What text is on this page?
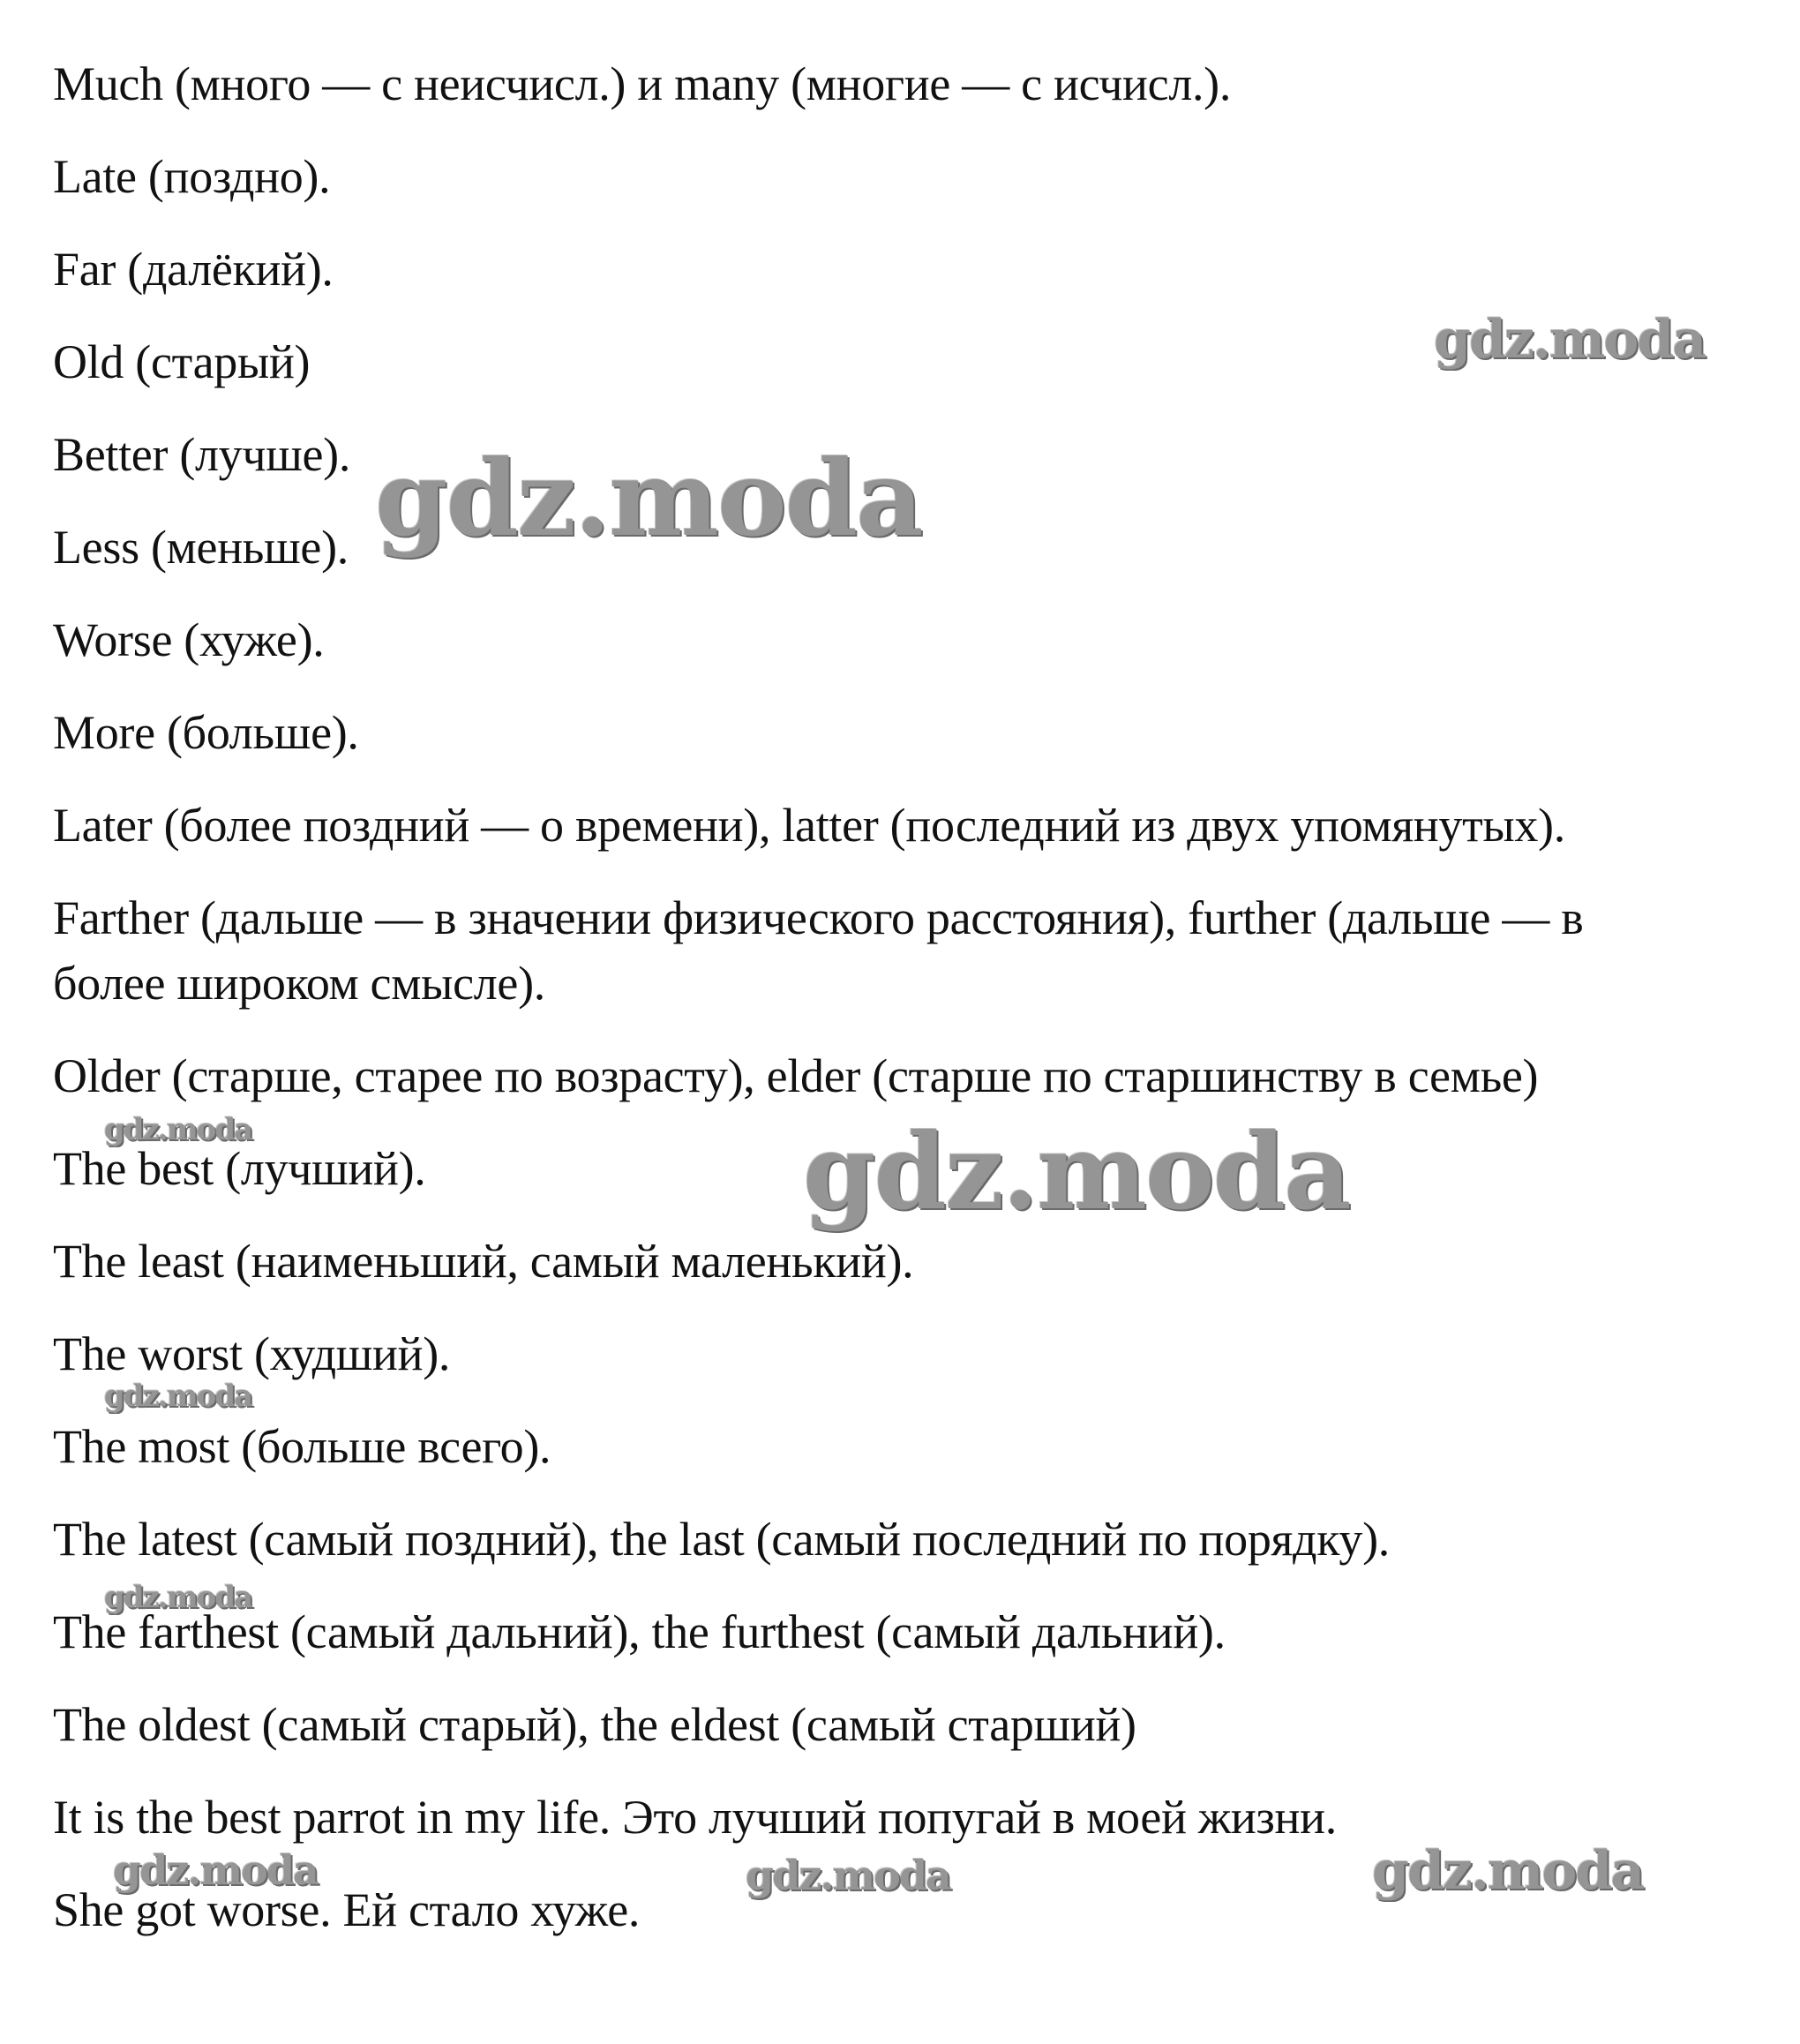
Much (много — с неисчисл.) и many (многие — с исчисл.).
Late (поздно).
Far (далёкий).
Old (старый)
Better (лучше).
Less (меньше).
Worse (хуже).
More (больше).
Later (более поздний — о времени), latter (последний из двух упомянутых).
Farther (дальше — в значении физического расстояния), further (дальше — в
более широком смысле).
Older (старше, старее по возрасту), elder (старше по старшинству в семье)
The best (лучший).
The least (наименьший, самый маленький).
The worst (худший).
The most (больше всего).
The latest (самый поздний), the last (самый последний по порядку).
The farthest (самый дальний), the furthest (самый дальний).
The oldest (самый старый), the eldest (самый старший)
It is the best parrot in my life. Это лучший попугай в моей жизни.
She got worse. Ей стало хуже.
gdz.moda
gdz.moda
gdz.moda	gdz.moda
gdz.moda
gdz.moda
gdz.moda	gdz.moda	gdz.moda
